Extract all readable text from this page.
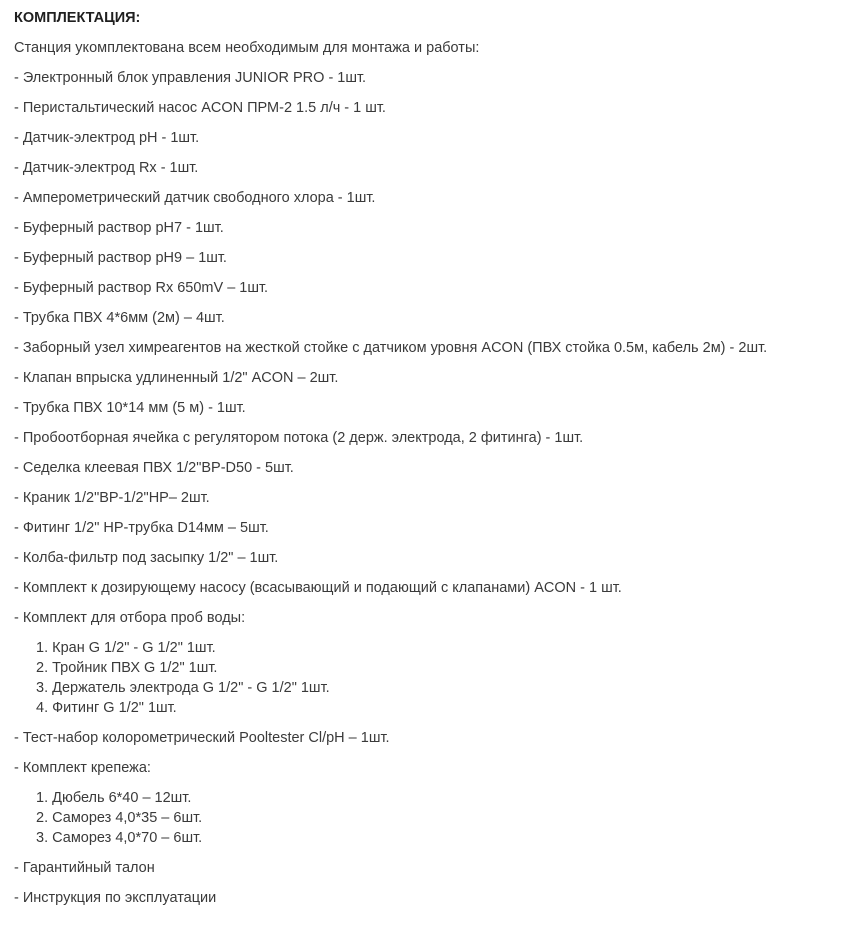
КОМПЛЕКТАЦИЯ:
Станция укомплектована всем необходимым для монтажа и работы:
- Электронный блок управления JUNIOR PRO - 1шт.
- Перистальтический насос ACON ПРМ-2 1.5 л/ч - 1 шт.
- Датчик-электрод pH - 1шт.
- Датчик-электрод Rx - 1шт.
- Амперометрический датчик свободного хлора - 1шт.
- Буферный раствор pH7 - 1шт.
- Буферный раствор pH9 – 1шт.
- Буферный раствор Rx 650mV – 1шт.
- Трубка ПВХ 4*6мм (2м) – 4шт.
- Заборный узел химреагентов на жесткой стойке с датчиком уровня ACON (ПВХ стойка 0.5м, кабель 2м) - 2шт.
- Клапан впрыска удлиненный 1/2" ACON – 2шт.
- Трубка ПВХ 10*14 мм (5 м) - 1шт.
- Пробоотборная ячейка с регулятором потока (2 держ. электрода, 2 фитинга) - 1шт.
- Седелка клеевая ПВХ 1/2"ВР-D50 - 5шт.
- Краник 1/2"ВР-1/2"НР– 2шт.
- Фитинг 1/2" НР-трубка D14мм – 5шт.
- Колба-фильтр под засыпку 1/2" – 1шт.
- Комплект к дозирующему насосу (всасывающий и подающий с клапанами) ACON - 1 шт.
- Комплект для отбора проб воды:
1. Кран G 1/2" - G 1/2" 1шт.
2. Тройник ПВХ G 1/2" 1шт.
3. Держатель электрода G 1/2" - G 1/2" 1шт.
4. Фитинг G 1/2" 1шт.
- Тест-набор колорометрический Pooltester Cl/pH – 1шт.
- Комплект крепежа:
1. Дюбель 6*40 – 12шт.
2. Саморез 4,0*35 – 6шт.
3. Саморез 4,0*70 – 6шт.
- Гарантийный талон
- Инструкция по эксплуатации
